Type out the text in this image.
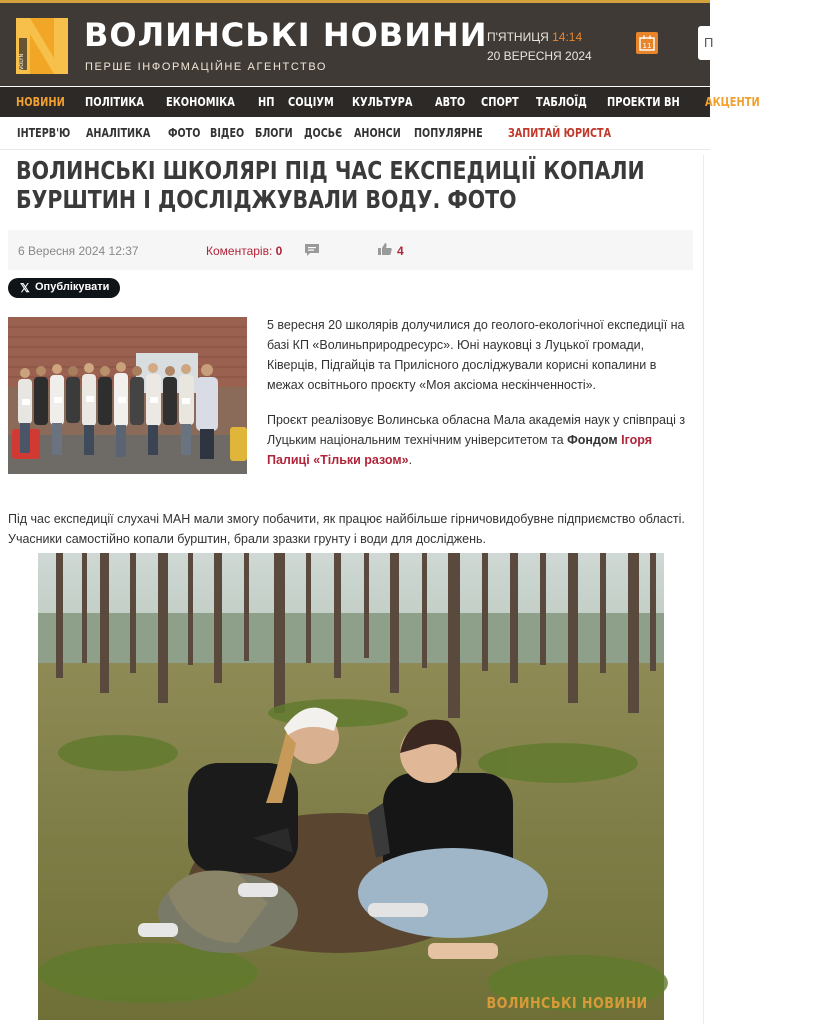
VOLYN
ВОЛИНСЬКІ НОВИНИ
ПЕРШЕ ІНФОРМАЦІЙНЕ АГЕНТСТВО
П'ЯТНИЦЯ 14:14
20 ВЕРЕСНЯ 2024
11	П
НОВИНИ ПОЛІТИКА ЕКОНОМІКА НП СОЦІУМ КУЛЬТУРА АВТО СПОРТ ТАБЛОЇД ПРОЕКТИ ВН АКЦЕНТИ ТРИБУНА
ІНТЕРВ'Ю АНАЛІТИКА ФОТО ВІДЕО БЛОГИ ДОСЬЄ АНОНСИ ПОПУЛЯРНЕ ЗАПИТАЙ ЮРИСТА
ВОЛИНСЬКІ ШКОЛЯРІ ПІД ЧАС ЕКСПЕДИЦІЇ КОПАЛИ БУРШТИН І ДОСЛІДЖУВАЛИ ВОДУ. ФОТО
6 Вересня 2024 12:37	Коментарів: 0	4
𝕏 Опублікувати

5 вересня 20 школярів долучилися до геолого-екологічної експедиції на базі КП «Волиньприродресурс». Юні науковці з Луцької громади, Ківерців, Підгайців та Прилісного досліджували корисні копалини в межах освітнього проєкту «Моя аксіома нескінченності».

Проєкт реалізовує Волинська обласна Мала академія наук у співпраці з Луцьким національним технічним університетом та Фондом Ігоря Палиці «Тільки разом».

Під час експедиції слухачі МАН мали змогу побачити, як працює найбільше гірничовидобувне підприємство області. Учасники самостійно копали бурштин, брали зразки грунту і води для досліджень.
ВОЛИНСЬКІ НОВИНИ
